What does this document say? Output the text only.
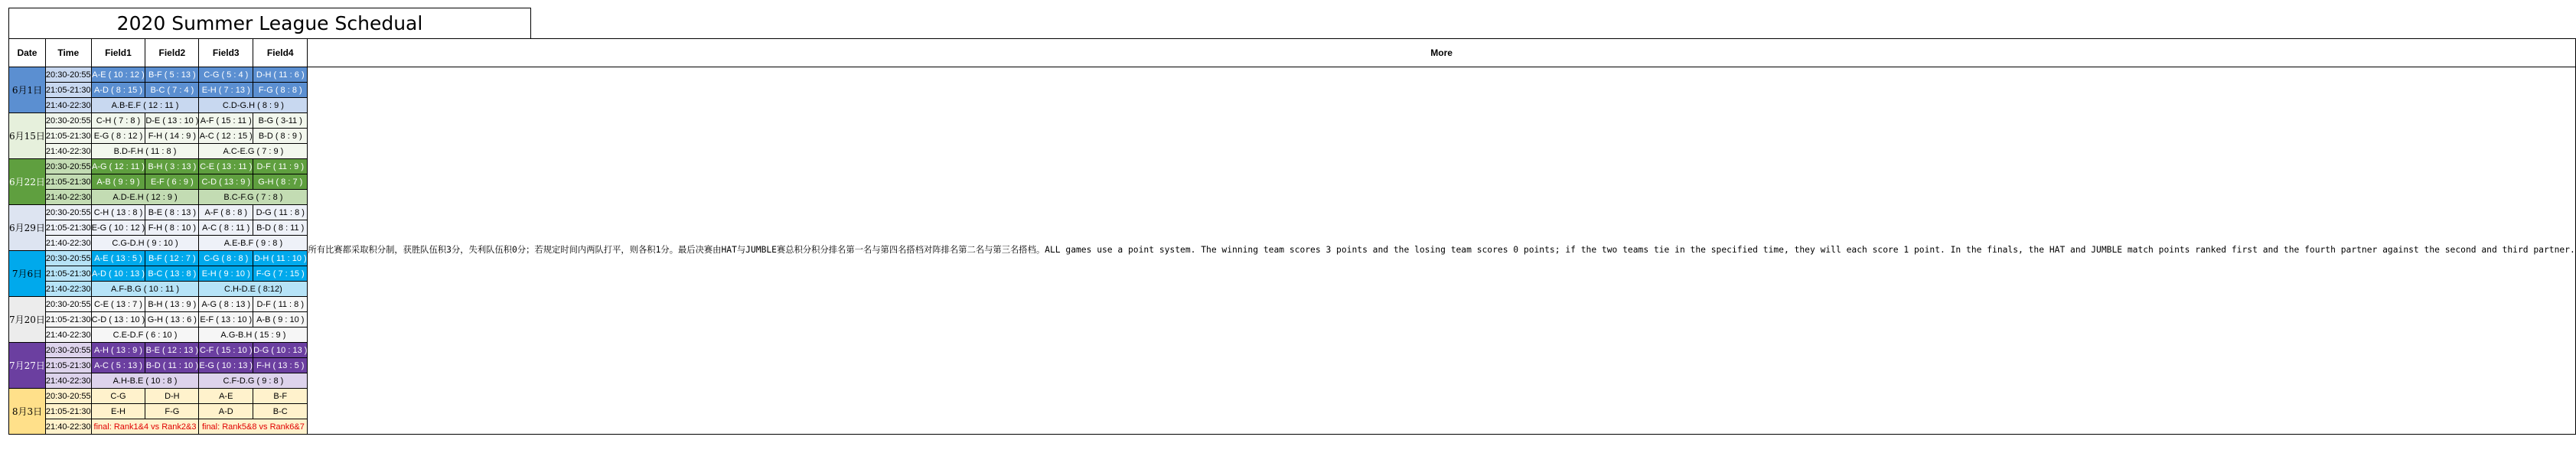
2020 Summer League Schedual
Date	Time	Field1	Field2	Field3	Field4	More
6月1日	20:30-20:55	A-E ( 10 : 12 )	B-F ( 5 : 13 )	C-G ( 5 : 4 )	D-H ( 11 : 6 )	所有比赛都采取积分制，获胜队伍积3分，失利队伍积0分；若规定时间内两队打平，则各积1分。最后决赛由HAT与JUMBLE赛总积分积分排名第一名与第四名搭档对阵排名第二名与第三名搭档。ALL games use a point system. The winning team scores 3 points and the losing team scores 0 points; if the two teams tie in the specified time, they will each score 1 point. In the finals, the HAT and JUMBLE match points ranked first and the fourth partner against the second and third partner.
	21:05-21:30	A-D ( 8 : 15 )	B-C ( 7 : 4 )	E-H ( 7 : 13 )	F-G ( 8 : 8 )	
	21:40-22:30	A.B-E.F ( 12 : 11 )		C.D-G.H ( 8 : 9 )		
6月15日	20:30-20:55	C-H ( 7 : 8 )	D-E ( 13 : 10 )	A-F ( 15 : 11 )	B-G ( 3-11 )	
	21:05-21:30	E-G ( 8 : 12 )	F-H ( 14 : 9 )	A-C ( 12 : 15 )	B-D ( 8 : 9 )	
	21:40-22:30	B.D-F.H ( 11 : 8 )		A.C-E.G ( 7 : 9 )		
6月22日	20:30-20:55	A-G ( 12 : 11 )	B-H ( 3 : 13 )	C-E ( 13 : 11 )	D-F ( 11 : 9 )	
	21:05-21:30	A-B ( 9 : 9 )	E-F ( 6 : 9 )	C-D ( 13 : 9 )	G-H ( 8 : 7 )	
	21:40-22:30	A.D-E.H ( 12 : 9 )		B.C-F.G ( 7 : 8 )		
6月29日	20:30-20:55	C-H ( 13 : 8 )	B-E ( 8 : 13 )	A-F ( 8 : 8 )	D-G ( 11 : 8 )	
	21:05-21:30	E-G ( 10 : 12 )	F-H ( 8 : 10 )	A-C ( 8 : 11 )	B-D ( 8 : 11 )	
	21:40-22:30	C.G-D.H ( 9 : 10 )		A.E-B.F ( 9 : 8 )		
7月6日	20:30-20:55	A-E ( 13 : 5 )	B-F ( 12 : 7 )	C-G ( 8 : 8 )	D-H ( 11 : 10 )	
	21:05-21:30	A-D ( 10 : 13 )	B-C ( 13 : 8 )	E-H ( 9 : 10 )	F-G ( 7 : 15 )	
	21:40-22:30	A.F-B.G ( 10 : 11 )		C.H-D.E ( 8:12)		
7月20日	20:30-20:55	C-E ( 13 : 7 )	B-H ( 13 : 9 )	A-G ( 8 : 13 )	D-F ( 11 : 8 )	
	21:05-21:30	C-D ( 13 : 10 )	G-H ( 13 : 6 )	E-F ( 13 : 10 )	A-B ( 9 : 10 )	
	21:40-22:30	C.E-D.F ( 6 : 10 )		A.G-B.H ( 15 : 9 )		
7月27日	20:30-20:55	A-H ( 13 : 9 )	B-E ( 12 : 13 )	C-F ( 15 : 10 )	D-G ( 10 : 13 )	
	21:05-21:30	A-C ( 5 : 13 )	B-D ( 11 : 10 )	E-G ( 10 : 13 )	F-H ( 13 : 5 )	
	21:40-22:30	A.H-B.E ( 10 : 8 )		C.F-D.G ( 9 : 8 )		
8月3日	20:30-20:55	C-G	D-H	A-E	B-F	
	21:05-21:30	E-H	F-G	A-D	B-C	
	21:40-22:30	final: Rank1&4 vs Rank2&3		final: Rank5&8 vs Rank6&7		
